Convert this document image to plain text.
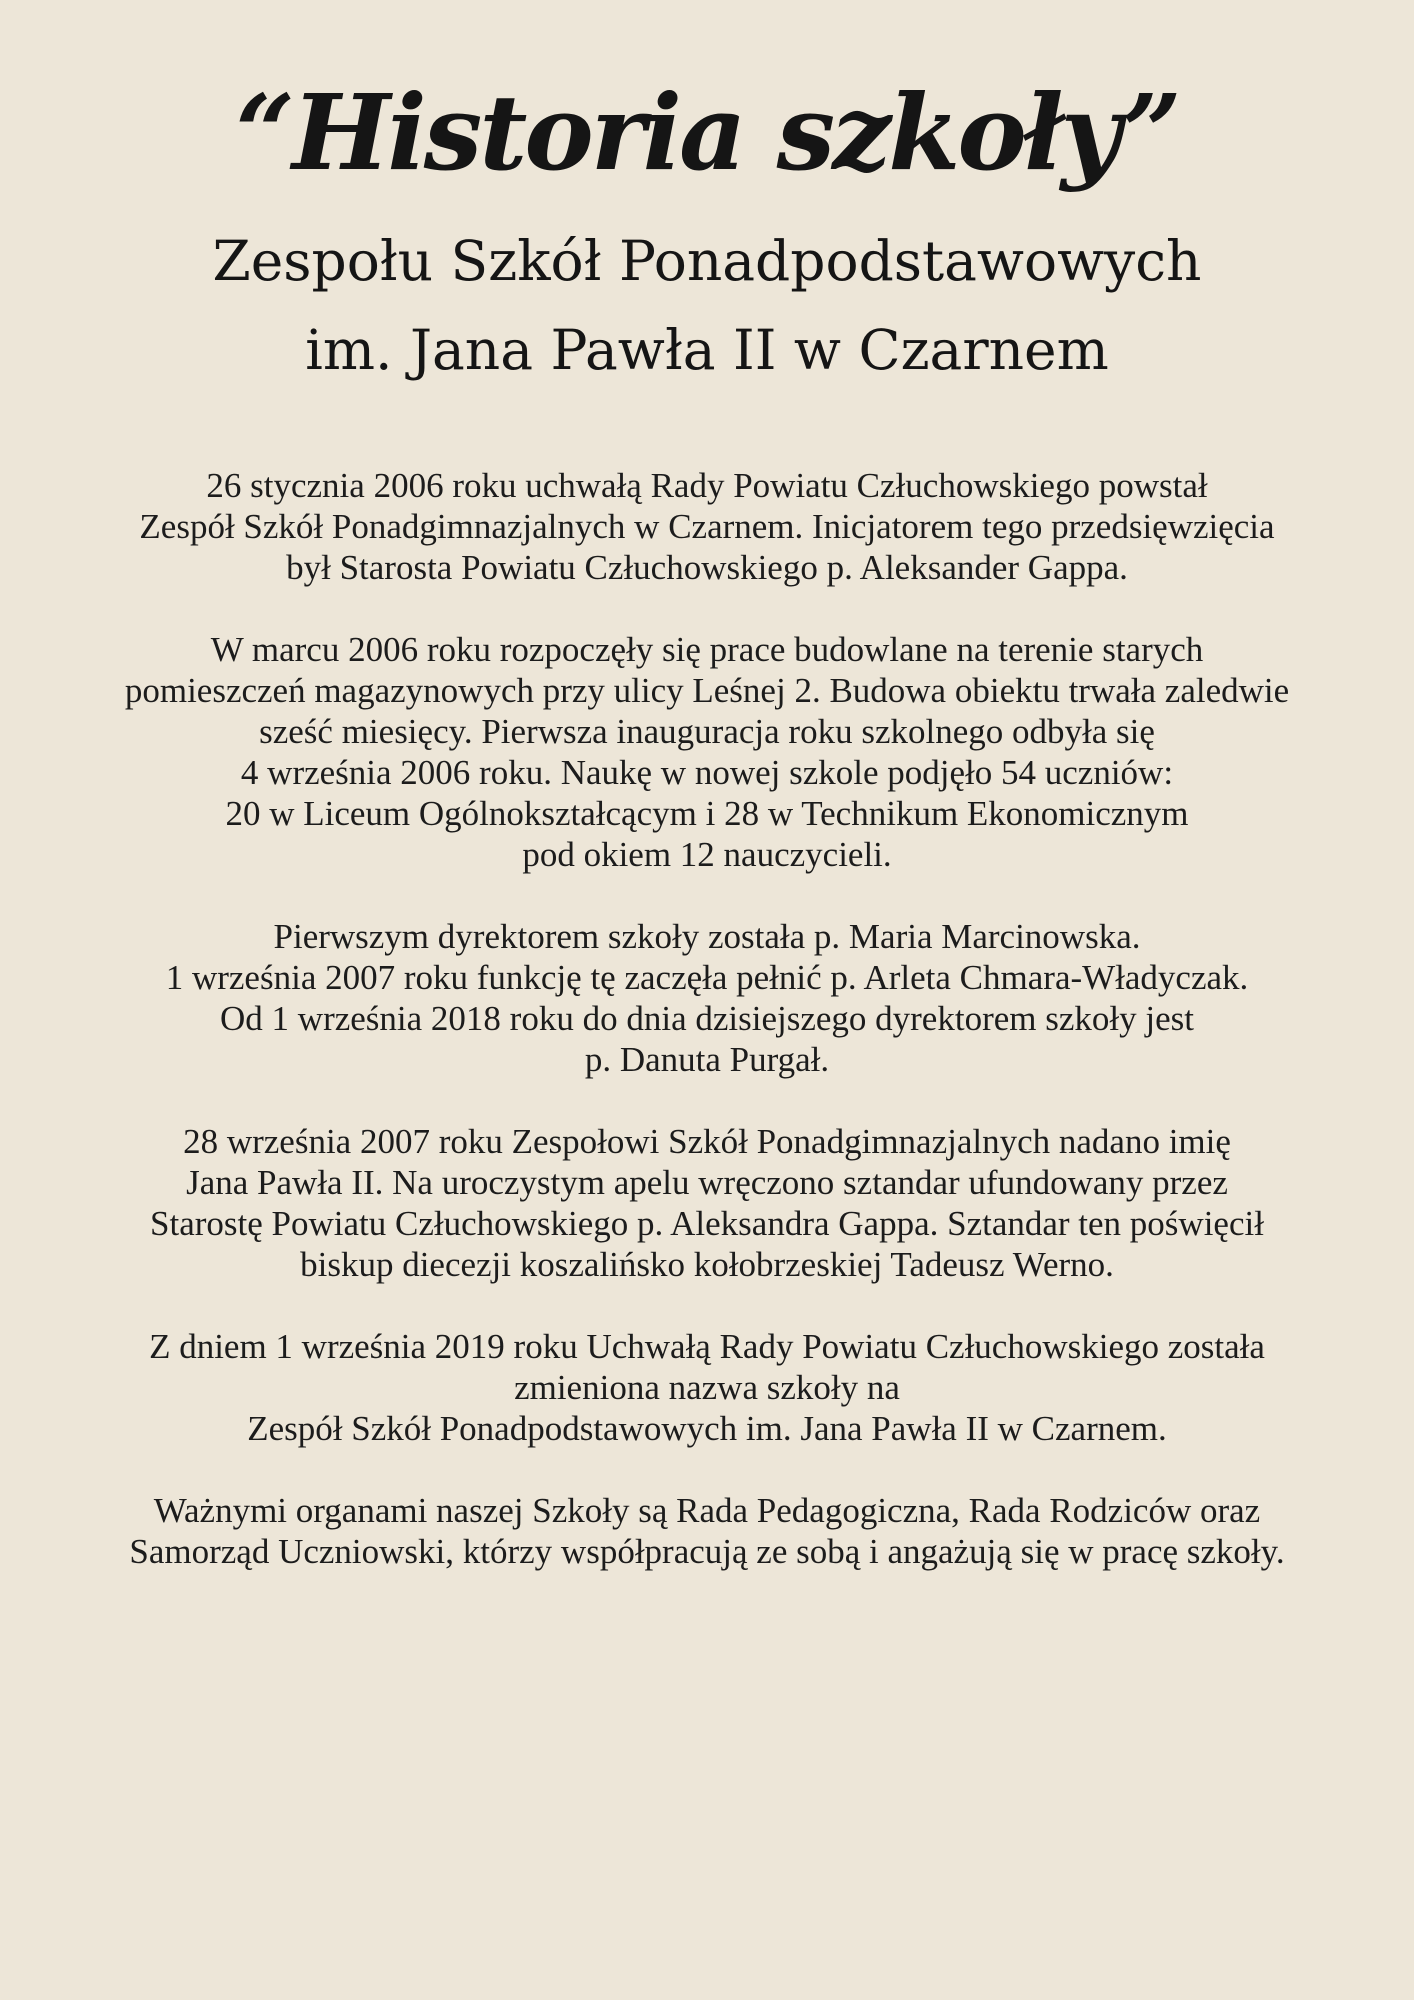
“Historia szkoły”
Zespołu Szkół Ponadpodstawowych
im. Jana Pawła II w Czarnem

26 stycznia 2006 roku uchwałą Rady Powiatu Człuchowskiego powstał
Zespół Szkół Ponadgimnazjalnych w Czarnem. Inicjatorem tego przedsięwzięcia
był Starosta Powiatu Człuchowskiego p. Aleksander Gappa.

W marcu 2006 roku rozpoczęły się prace budowlane na terenie starych
pomieszczeń magazynowych przy ulicy Leśnej 2. Budowa obiektu trwała zaledwie
sześć miesięcy. Pierwsza inauguracja roku szkolnego odbyła się
4 września 2006 roku. Naukę w nowej szkole podjęło 54 uczniów:
20 w Liceum Ogólnokształcącym i 28 w Technikum Ekonomicznym
pod okiem 12 nauczycieli.

Pierwszym dyrektorem szkoły została p. Maria Marcinowska.
1 września 2007 roku funkcję tę zaczęła pełnić p. Arleta Chmara-Władyczak.
Od 1 września 2018 roku do dnia dzisiejszego dyrektorem szkoły jest
p. Danuta Purgał.

28 września 2007 roku Zespołowi Szkół Ponadgimnazjalnych nadano imię
Jana Pawła II. Na uroczystym apelu wręczono sztandar ufundowany przez
Starostę Powiatu Człuchowskiego p. Aleksandra Gappa. Sztandar ten poświęcił
biskup diecezji koszalińsko kołobrzeskiej Tadeusz Werno.

Z dniem 1 września 2019 roku Uchwałą Rady Powiatu Człuchowskiego została
zmieniona nazwa szkoły na
Zespół Szkół Ponadpodstawowych im. Jana Pawła II w Czarnem.

Ważnymi organami naszej Szkoły są Rada Pedagogiczna, Rada Rodziców oraz
Samorząd Uczniowski, którzy współpracują ze sobą i angażują się w pracę szkoły.
